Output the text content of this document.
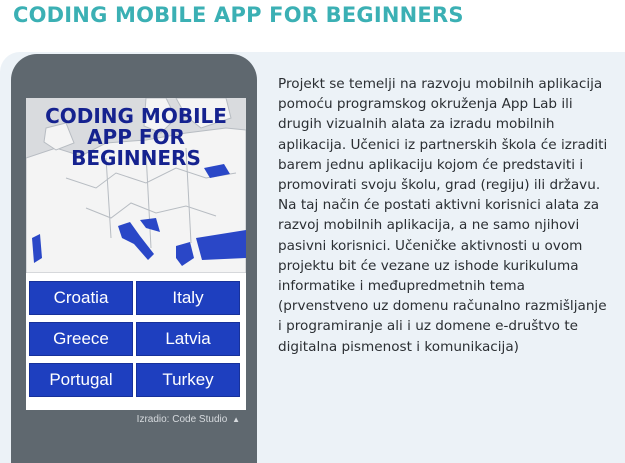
CODING MOBILE APP FOR BEGINNERS
CODING MOBILE
APP FOR
BEGINNERS
Croatia	Italy
Greece	Latvia
Portugal	Turkey
Izradio: Code Studio ▲
Projekt se temelji na razvoju mobilnih aplikacija pomoću programskog okruženja App Lab ili drugih vizualnih alata za izradu mobilnih aplikacija. Učenici iz partnerskih škola će izraditi barem jednu aplikaciju kojom će predstaviti i promovirati svoju školu, grad (regiju) ili državu. Na taj način će postati aktivni korisnici alata za razvoj mobilnih aplikacija, a ne samo njihovi pasivni korisnici. Učeničke aktivnosti u ovom projektu bit će vezane uz ishode kurikuluma informatike i međupredmetnih tema (prvenstveno uz domenu računalno razmišljanje i programiranje ali i uz domene e-društvo te digitalna pismenost i komunikacija)
